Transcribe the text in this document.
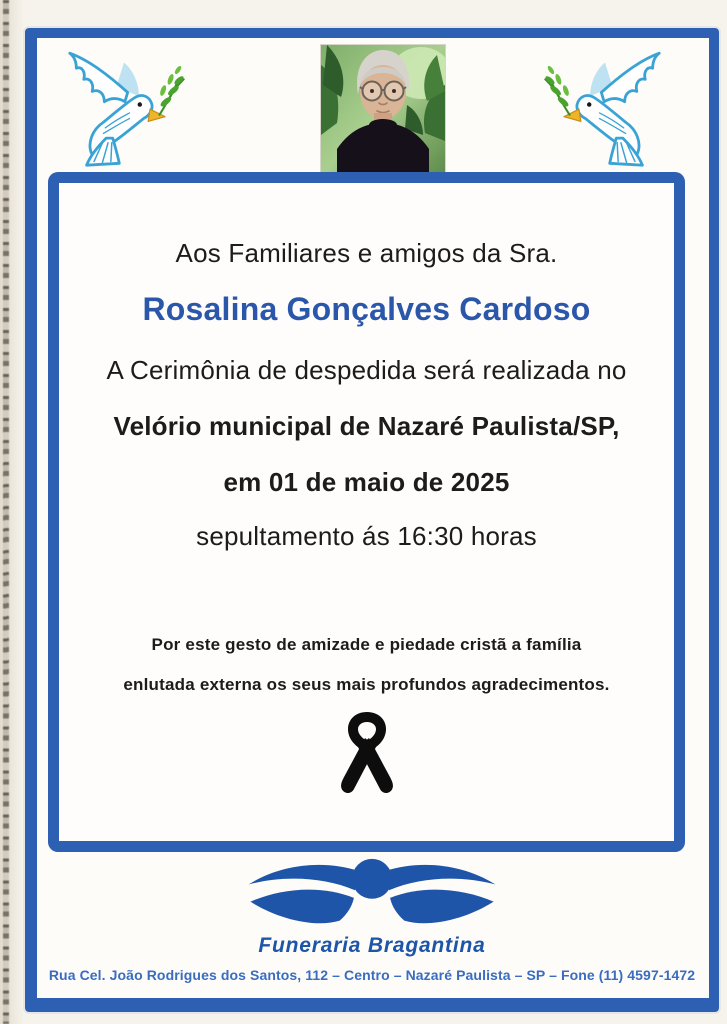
Aos Familiares e amigos da Sra.
Rosalina Gonçalves Cardoso
A Cerimônia de despedida será realizada no
Velório municipal de Nazaré Paulista/SP,
em 01 de maio de 2025
sepultamento ás 16:30 horas
Por este gesto de amizade e piedade cristã a família
enlutada externa os seus mais profundos agradecimentos.
Funeraria Bragantina
Rua Cel. João Rodrigues dos Santos, 112 – Centro – Nazaré Paulista – SP – Fone (11) 4597-1472
